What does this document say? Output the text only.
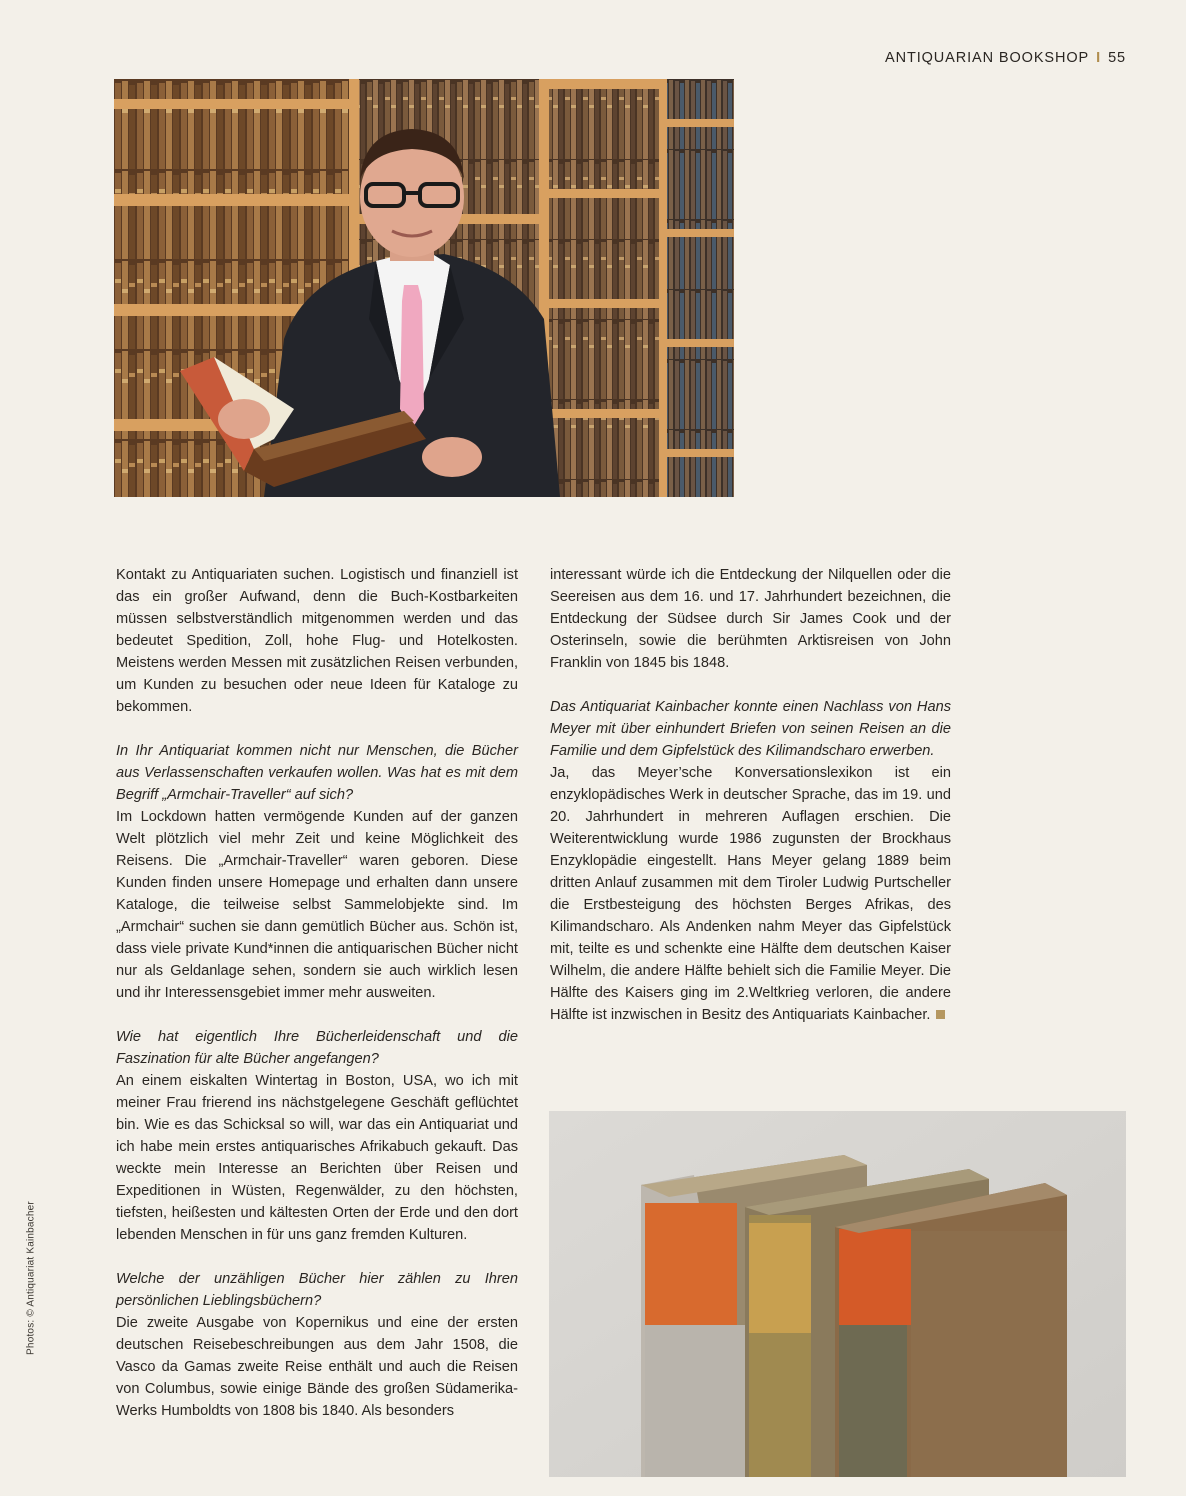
ANTIQUARIAN BOOKSHOP I 55

Kontakt zu Antiquariaten suchen. Logistisch und finanziell ist das ein großer Aufwand, denn die Buch-Kostbarkeiten müssen selbstverständlich mitgenommen werden und das bedeutet Spedition, Zoll, hohe Flug- und Hotelkosten. Meistens werden Messen mit zusätzlichen Reisen verbunden, um Kunden zu besuchen oder neue Ideen für Kataloge zu bekommen.

In Ihr Antiquariat kommen nicht nur Menschen, die Bücher aus Verlassenschaften verkaufen wollen. Was hat es mit dem Begriff „Armchair-Traveller“ auf sich?

Im Lockdown hatten vermögende Kunden auf der ganzen Welt plötzlich viel mehr Zeit und keine Möglichkeit des Reisens. Die „Armchair-Traveller“ waren geboren. Diese Kunden finden unsere Homepage und erhalten dann unsere Kataloge, die teilweise selbst Sammelobjekte sind. Im „Armchair“ suchen sie dann gemütlich Bücher aus. Schön ist, dass viele private Kund*innen die antiquarischen Bücher nicht nur als Geldanlage sehen, sondern sie auch wirklich lesen und ihr Interessensgebiet immer mehr ausweiten.

Wie hat eigentlich Ihre Bücherleidenschaft und die Faszination für alte Bücher angefangen?

An einem eiskalten Wintertag in Boston, USA, wo ich mit meiner Frau frierend ins nächstgelegene Geschäft geflüchtet bin. Wie es das Schicksal so will, war das ein Antiquariat und ich habe mein erstes antiquarisches Afrikabuch gekauft. Das weckte mein Interesse an Berichten über Reisen und Expeditionen in Wüsten, Regenwälder, zu den höchsten, tiefsten, heißesten und kältesten Orten der Erde und den dort lebenden Menschen in für uns ganz fremden Kulturen.

Welche der unzähligen Bücher hier zählen zu Ihren persönlichen Lieblingsbüchern?

Die zweite Ausgabe von Kopernikus und eine der ersten deutschen Reisebeschreibungen aus dem Jahr 1508, die Vasco da Gamas zweite Reise enthält und auch die Reisen von Columbus, sowie einige Bände des großen Südamerika-Werks Humboldts von 1808 bis 1840. Als besonders

interessant würde ich die Entdeckung der Nilquellen oder die Seereisen aus dem 16. und 17. Jahrhundert bezeichnen, die Entdeckung der Südsee durch Sir James Cook und der Osterinseln, sowie die berühmten Arktisreisen von John Franklin von 1845 bis 1848.

Das Antiquariat Kainbacher konnte einen Nachlass von Hans Meyer mit über einhundert Briefen von seinen Reisen an die Familie und dem Gipfelstück des Kilimandscharo erwerben.

Ja, das Meyer’sche Konversationslexikon ist ein enzyklopädisches Werk in deutscher Sprache, das im 19. und 20. Jahrhundert in mehreren Auflagen erschien. Die Weiterentwicklung wurde 1986 zugunsten der Brockhaus Enzyklopädie eingestellt. Hans Meyer gelang 1889 beim dritten Anlauf zusammen mit dem Tiroler Ludwig Purtscheller die Erstbesteigung des höchsten Berges Afrikas, des Kilimandscharo. Als Andenken nahm Meyer das Gipfelstück mit, teilte es und schenkte eine Hälfte dem deutschen Kaiser Wilhelm, die andere Hälfte behielt sich die Familie Meyer. Die Hälfte des Kaisers ging im 2.Weltkrieg verloren, die andere Hälfte ist inzwischen in Besitz des Antiquariats Kainbacher.

Photos: © Antiquariat Kainbacher
